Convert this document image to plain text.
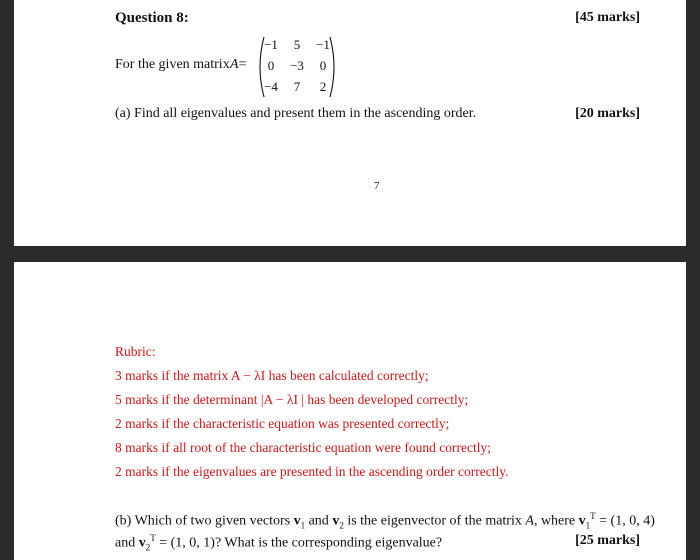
Question 8:	[45 marks]
For the given matrix A=
−1	5	−1
0	−3	0
−4	7	2
(a) Find all eigenvalues and present them in the ascending order.	[20 marks]
7
Rubric:
3 marks if the matrix A − λI has been calculated correctly;
5 marks if the determinant |A − λI | has been developed correctly;
2 marks if the characteristic equation was presented correctly;
8 marks if all root of the characteristic equation were found correctly;
2 marks if the eigenvalues are presented in the ascending order correctly.
(b) Which of two given vectors $v_1$ and $v_2$ is the eigenvector of the matrix A, where $v_1^T = (1$, 0, 4)
and $v_2^T = (1$, 0, 1)? What is the corresponding eigenvalue?	[25 marks]
